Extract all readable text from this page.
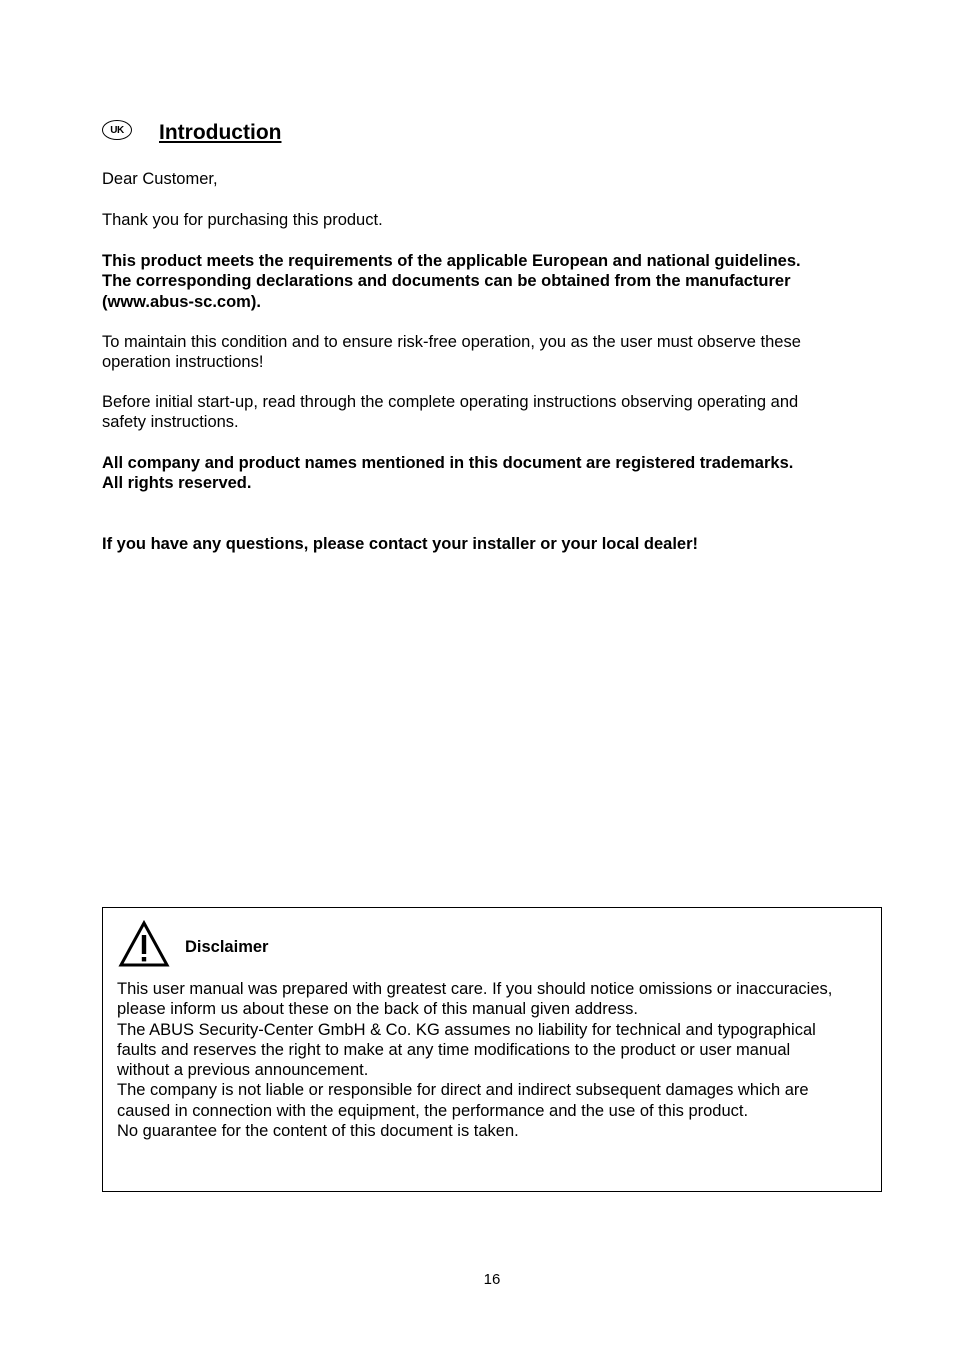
UK	Introduction

Dear Customer,

Thank you for purchasing this product.

This product meets the requirements of the applicable European and national guidelines.
The corresponding declarations and documents can be obtained from the manufacturer
(www.abus-sc.com).
To maintain this condition and to ensure risk-free operation, you as the user must observe these
operation instructions!
Before initial start-up, read through the complete operating instructions observing operating and
safety instructions.
All company and product names mentioned in this document are registered trademarks.
All rights reserved.

If you have any questions, please contact your installer or your local dealer!

Disclaimer
This user manual was prepared with greatest care. If you should notice omissions or inaccuracies,
please inform us about these on the back of this manual given address.
The ABUS Security-Center GmbH & Co. KG assumes no liability for technical and typographical
faults and reserves the right to make at any time modifications to the product or user manual
without a previous announcement.
The company is not liable or responsible for direct and indirect subsequent damages which are
caused in connection with the equipment, the performance and the use of this product.
No guarantee for the content of this document is taken.
16
